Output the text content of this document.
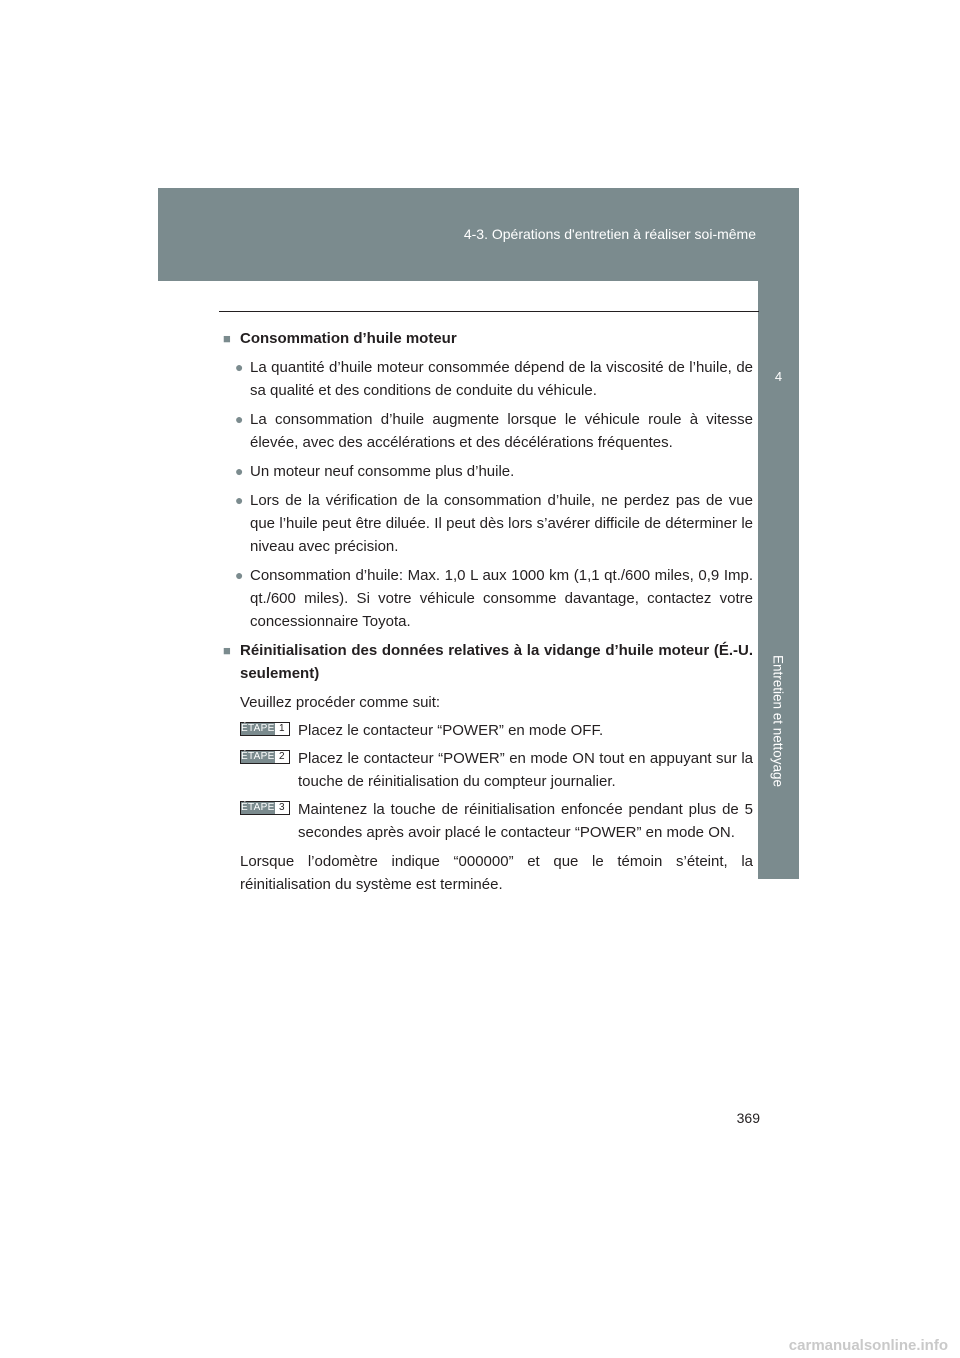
4-3. Opérations d'entretien à réaliser soi-même
4
Entretien et nettoyage
■ Consommation d’huile moteur
● La quantité d’huile moteur consommée dépend de la viscosité de l’huile, de sa qualité et des conditions de conduite du véhicule.
● La consommation d’huile augmente lorsque le véhicule roule à vitesse élevée, avec des accélérations et des décélérations fréquentes.
● Un moteur neuf consomme plus d’huile.
● Lors de la vérification de la consommation d’huile, ne perdez pas de vue que l’huile peut être diluée. Il peut dès lors s’avérer difficile de déterminer le niveau avec précision.
● Consommation d’huile: Max. 1,0 L aux 1000 km (1,1 qt./600 miles, 0,9 Imp. qt./600 miles). Si votre véhicule consomme davantage, contactez votre concessionnaire Toyota.
■ Réinitialisation des données relatives à la vidange d’huile moteur (É.-U. seulement)
Veuillez procéder comme suit:
ÉTAPE 1 Placez le contacteur “POWER” en mode OFF.
ÉTAPE 2 Placez le contacteur “POWER” en mode ON tout en appuyant sur la touche de réinitialisation du compteur journalier.
ÉTAPE 3 Maintenez la touche de réinitialisation enfoncée pendant plus de 5 secondes après avoir placé le contacteur “POWER” en mode ON.
Lorsque l’odomètre indique “000000” et que le témoin s’éteint, la réinitialisation du système est terminée.
369
carmanualsonline.info
